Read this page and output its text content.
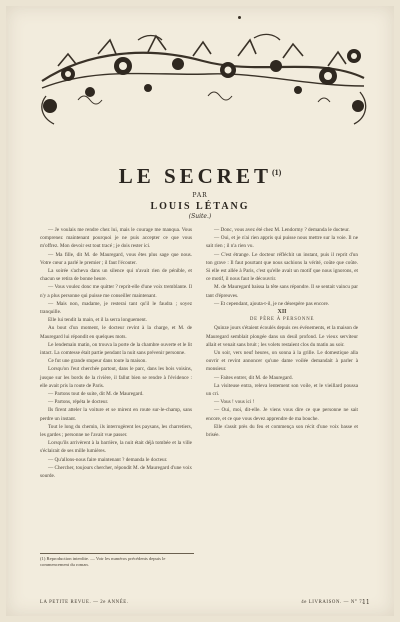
LE SECRET$^{(1)}$
PAR
LOUIS LÉTANG
(Suite.)

— Je voulais me rendre chez lui, mais le courage me manqua. Vous comprenez maintenant pourquoi je ne puis accepter ce que vous m'offrez. Mon devoir est tout tracé ; je dois rester ici.

— Ma fille, dit M. de Mauregard, vous êtes plus sage que nous. Votre cœur a parlé le premier ; il faut l'écouter.

La soirée s'acheva dans un silence qui n'avait rien de pénible, et chacun se retira de bonne heure.

— Vous voulez donc me quitter ? reprit-elle d'une voix tremblante. Il n'y a plus personne qui puisse me conseiller maintenant.

— Mais non, madame, je resterai tant qu'il le faudra ; soyez tranquille.

Elle lui tendit la main, et il la serra longuement.

Au bout d'un moment, le docteur revint à la charge, et M. de Mauregard lui répondit en quelques mots.

Le lendemain matin, on trouva la porte de la chambre ouverte et le lit intact. La comtesse était partie pendant la nuit sans prévenir personne.

Ce fut une grande stupeur dans toute la maison.

Lorsqu'on l'eut cherchée partout, dans le parc, dans les bois voisins, jusque sur les bords de la rivière, il fallut bien se rendre à l'évidence : elle avait pris la route de Paris.

— Partons tout de suite, dit M. de Mauregard.

— Partons, répéta le docteur.

Ils firent atteler la voiture et se mirent en route sur-le-champ, sans perdre un instant.

Tout le long du chemin, ils interrogèrent les paysans, les charretiers, les gardes ; personne ne l'avait vue passer.

Lorsqu'ils arrivèrent à la barrière, la nuit était déjà tombée et la ville s'éclairait de ses mille lumières.

— Qu'allons-nous faire maintenant ? demanda le docteur.

— Chercher, toujours chercher, répondit M. de Mauregard d'une voix sourde.

(1) Reproduction interdite. — Voir les numéros précédents depuis le commencement du roman.

— Donc, vous avez été chez M. Lendormy ? demanda le docteur.

— Oui, et je n'ai rien appris qui puisse nous mettre sur la voie. Il ne sait rien ; il n'a rien vu.

— C'est étrange. Le docteur réfléchit un instant, puis il reprit d'un ton grave : Il faut pourtant que nous sachions la vérité, coûte que coûte. Si elle est allée à Paris, c'est qu'elle avait un motif que nous ignorons, et ce motif, il nous faut le découvrir.

M. de Mauregard baissa la tête sans répondre. Il se sentait vaincu par tant d'épreuves.

— Et cependant, ajouta-t-il, je ne désespère pas encore.

XII

DE PÈRE À PERSONNE

Quinze jours s'étaient écoulés depuis ces événements, et la maison de Mauregard semblait plongée dans un deuil profond. Le vieux serviteur allait et venait sans bruit ; les volets restaient clos du matin au soir.

Un soir, vers neuf heures, on sonna à la grille. Le domestique alla ouvrir et revint annoncer qu'une dame voilée demandait à parler à monsieur.

— Faites entrer, dit M. de Mauregard.

La visiteuse entra, releva lentement son voile, et le vieillard poussa un cri.

— Vous ! vous ici !

— Oui, moi, dit-elle. Je viens vous dire ce que personne ne sait encore, et ce que vous devez apprendre de ma bouche.

Elle s'assit près du feu et commença son récit d'une voix basse et brisée.

LA PETITE REVUE. — 2e ANNÉE.	4e LIVRAISON. — N° 7.
11
